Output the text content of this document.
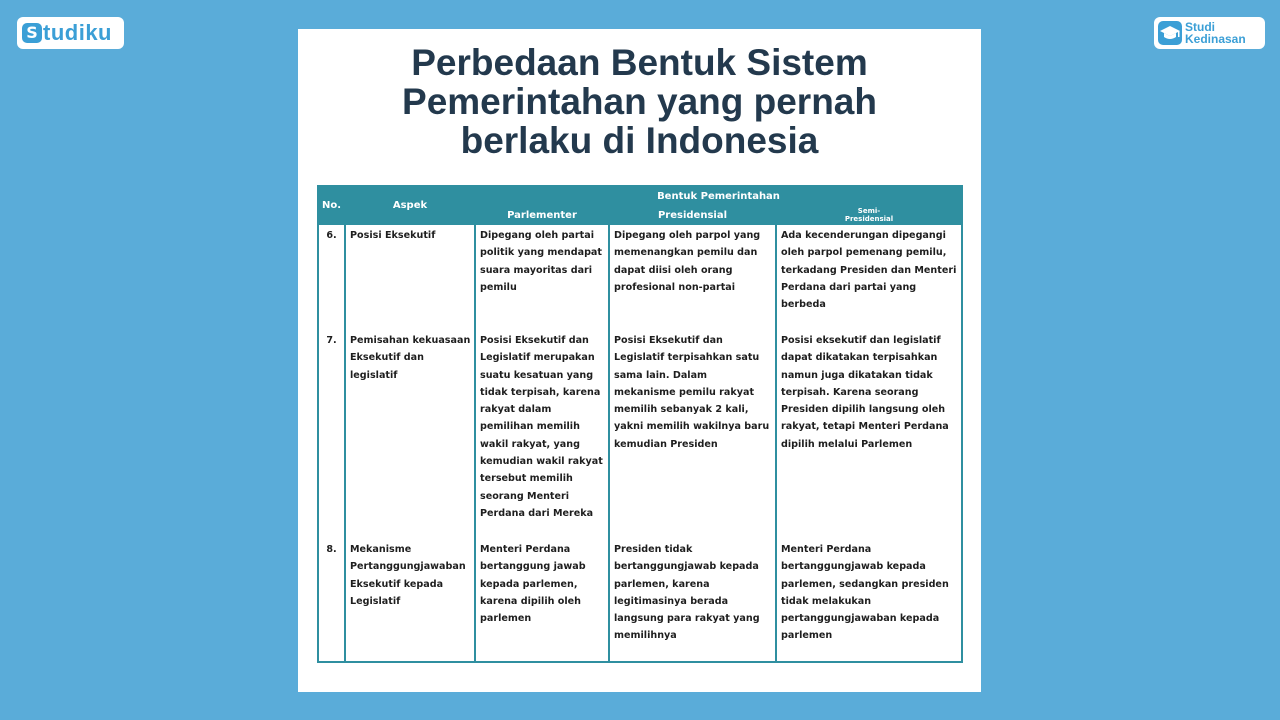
S tudiku	Studi
Kedinasan
Perbedaan Bentuk Sistem
Pemerintahan yang pernah
berlaku di Indonesia
No.	Aspek	Bentuk Pemerintahan		
		Parlementer	Presidensial	Semi-
Presidensial
6.	Posisi Eksekutif	Dipegang oleh partai politik yang mendapat suara mayoritas dari pemilu	Dipegang oleh parpol yang memenangkan pemilu dan dapat diisi oleh orang profesional non-partai	Ada kecenderungan dipegangi oleh parpol pemenang pemilu, terkadang Presiden dan Menteri Perdana dari partai yang berbeda
7.	Pemisahan kekuasaan Eksekutif dan legislatif	Posisi Eksekutif dan Legislatif merupakan suatu kesatuan yang tidak terpisah, karena rakyat dalam pemilihan memilih wakil rakyat, yang kemudian wakil rakyat tersebut memilih seorang Menteri Perdana dari Mereka	Posisi Eksekutif dan Legislatif terpisahkan satu sama lain. Dalam mekanisme pemilu rakyat memilih sebanyak 2 kali, yakni memilih wakilnya baru kemudian Presiden	Posisi eksekutif dan legislatif dapat dikatakan terpisahkan namun juga dikatakan tidak terpisah. Karena seorang Presiden dipilih langsung oleh rakyat, tetapi Menteri Perdana dipilih melalui Parlemen
8.	Mekanisme Pertanggungjawaban Eksekutif kepada Legislatif	Menteri Perdana bertanggung jawab kepada parlemen, karena dipilih oleh parlemen	Presiden tidak bertanggungjawab kepada parlemen, karena legitimasinya berada langsung para rakyat yang memilihnya	Menteri Perdana bertanggungjawab kepada parlemen, sedangkan presiden tidak melakukan pertanggungjawaban kepada parlemen
